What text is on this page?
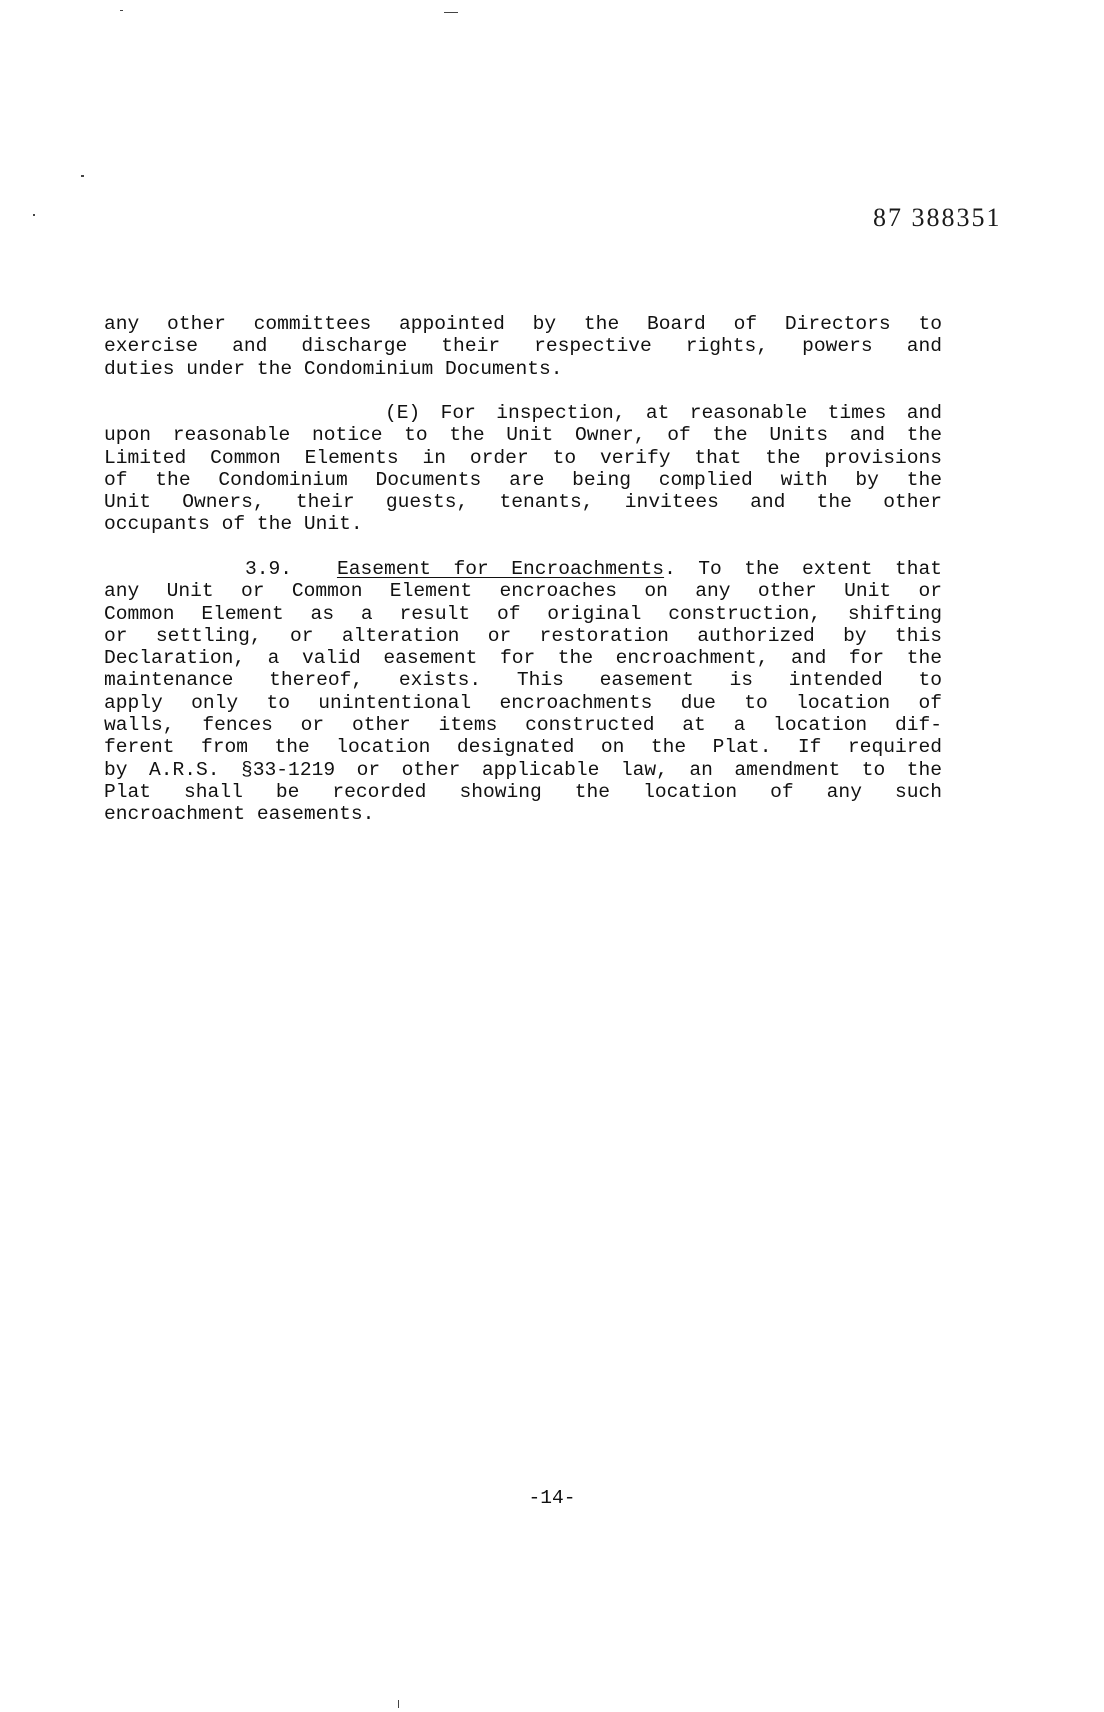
87 388351
any other committees appointed by the Board of Directors to
exercise and discharge their respective rights, powers and
duties under the Condominium Documents.
(E) For inspection, at reasonable times and
upon reasonable notice to the Unit Owner, of the Units and the
Limited Common Elements in order to verify that the provisions
of the Condominium Documents are being complied with by the
Unit Owners, their guests, tenants, invitees and the other
occupants of the Unit.
3.9. Easement for Encroachments. To the extent that
any Unit or Common Element encroaches on any other Unit or
Common Element as a result of original construction, shifting
or settling, or alteration or restoration authorized by this
Declaration, a valid easement for the encroachment, and for the
maintenance thereof, exists. This easement is intended to
apply only to unintentional encroachments due to location of
walls, fences or other items constructed at a location dif-
ferent from the location designated on the Plat. If required
by A.R.S. §33-1219 or other applicable law, an amendment to the
Plat shall be recorded showing the location of any such
encroachment easements.
-14-
